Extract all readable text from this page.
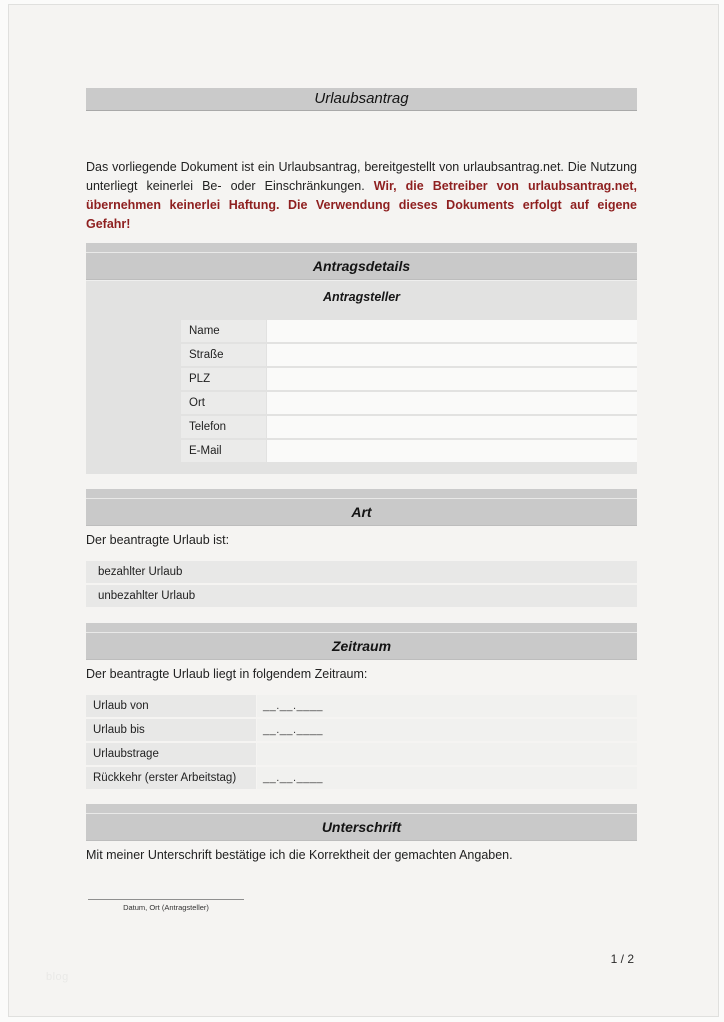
Urlaubsantrag

Das vorliegende Dokument ist ein Urlaubsantrag, bereitgestellt von urlaubsantrag.net. Die Nutzung unterliegt keinerlei Be- oder Einschränkungen. Wir, die Betreiber von urlaubsantrag.net, übernehmen keinerlei Haftung. Die Verwendung dieses Dokuments erfolgt auf eigene Gefahr!

Antragsdetails
Antragsteller
Name
Straße
PLZ
Ort
Telefon
E-Mail
Art

Der beantragte Urlaub ist:

bezahlter Urlaub
unbezahlter Urlaub
Zeitraum

Der beantragte Urlaub liegt in folgendem Zeitraum:

Urlaub von	__.__.____
Urlaub bis	__.__.____
Urlaubstrage
Rückkehr (erster Arbeitstag)	__.__.____
Unterschrift

Mit meiner Unterschrift bestätige ich die Korrektheit der gemachten Angaben.

Datum, Ort (Antragsteller)
1 / 2
blog
